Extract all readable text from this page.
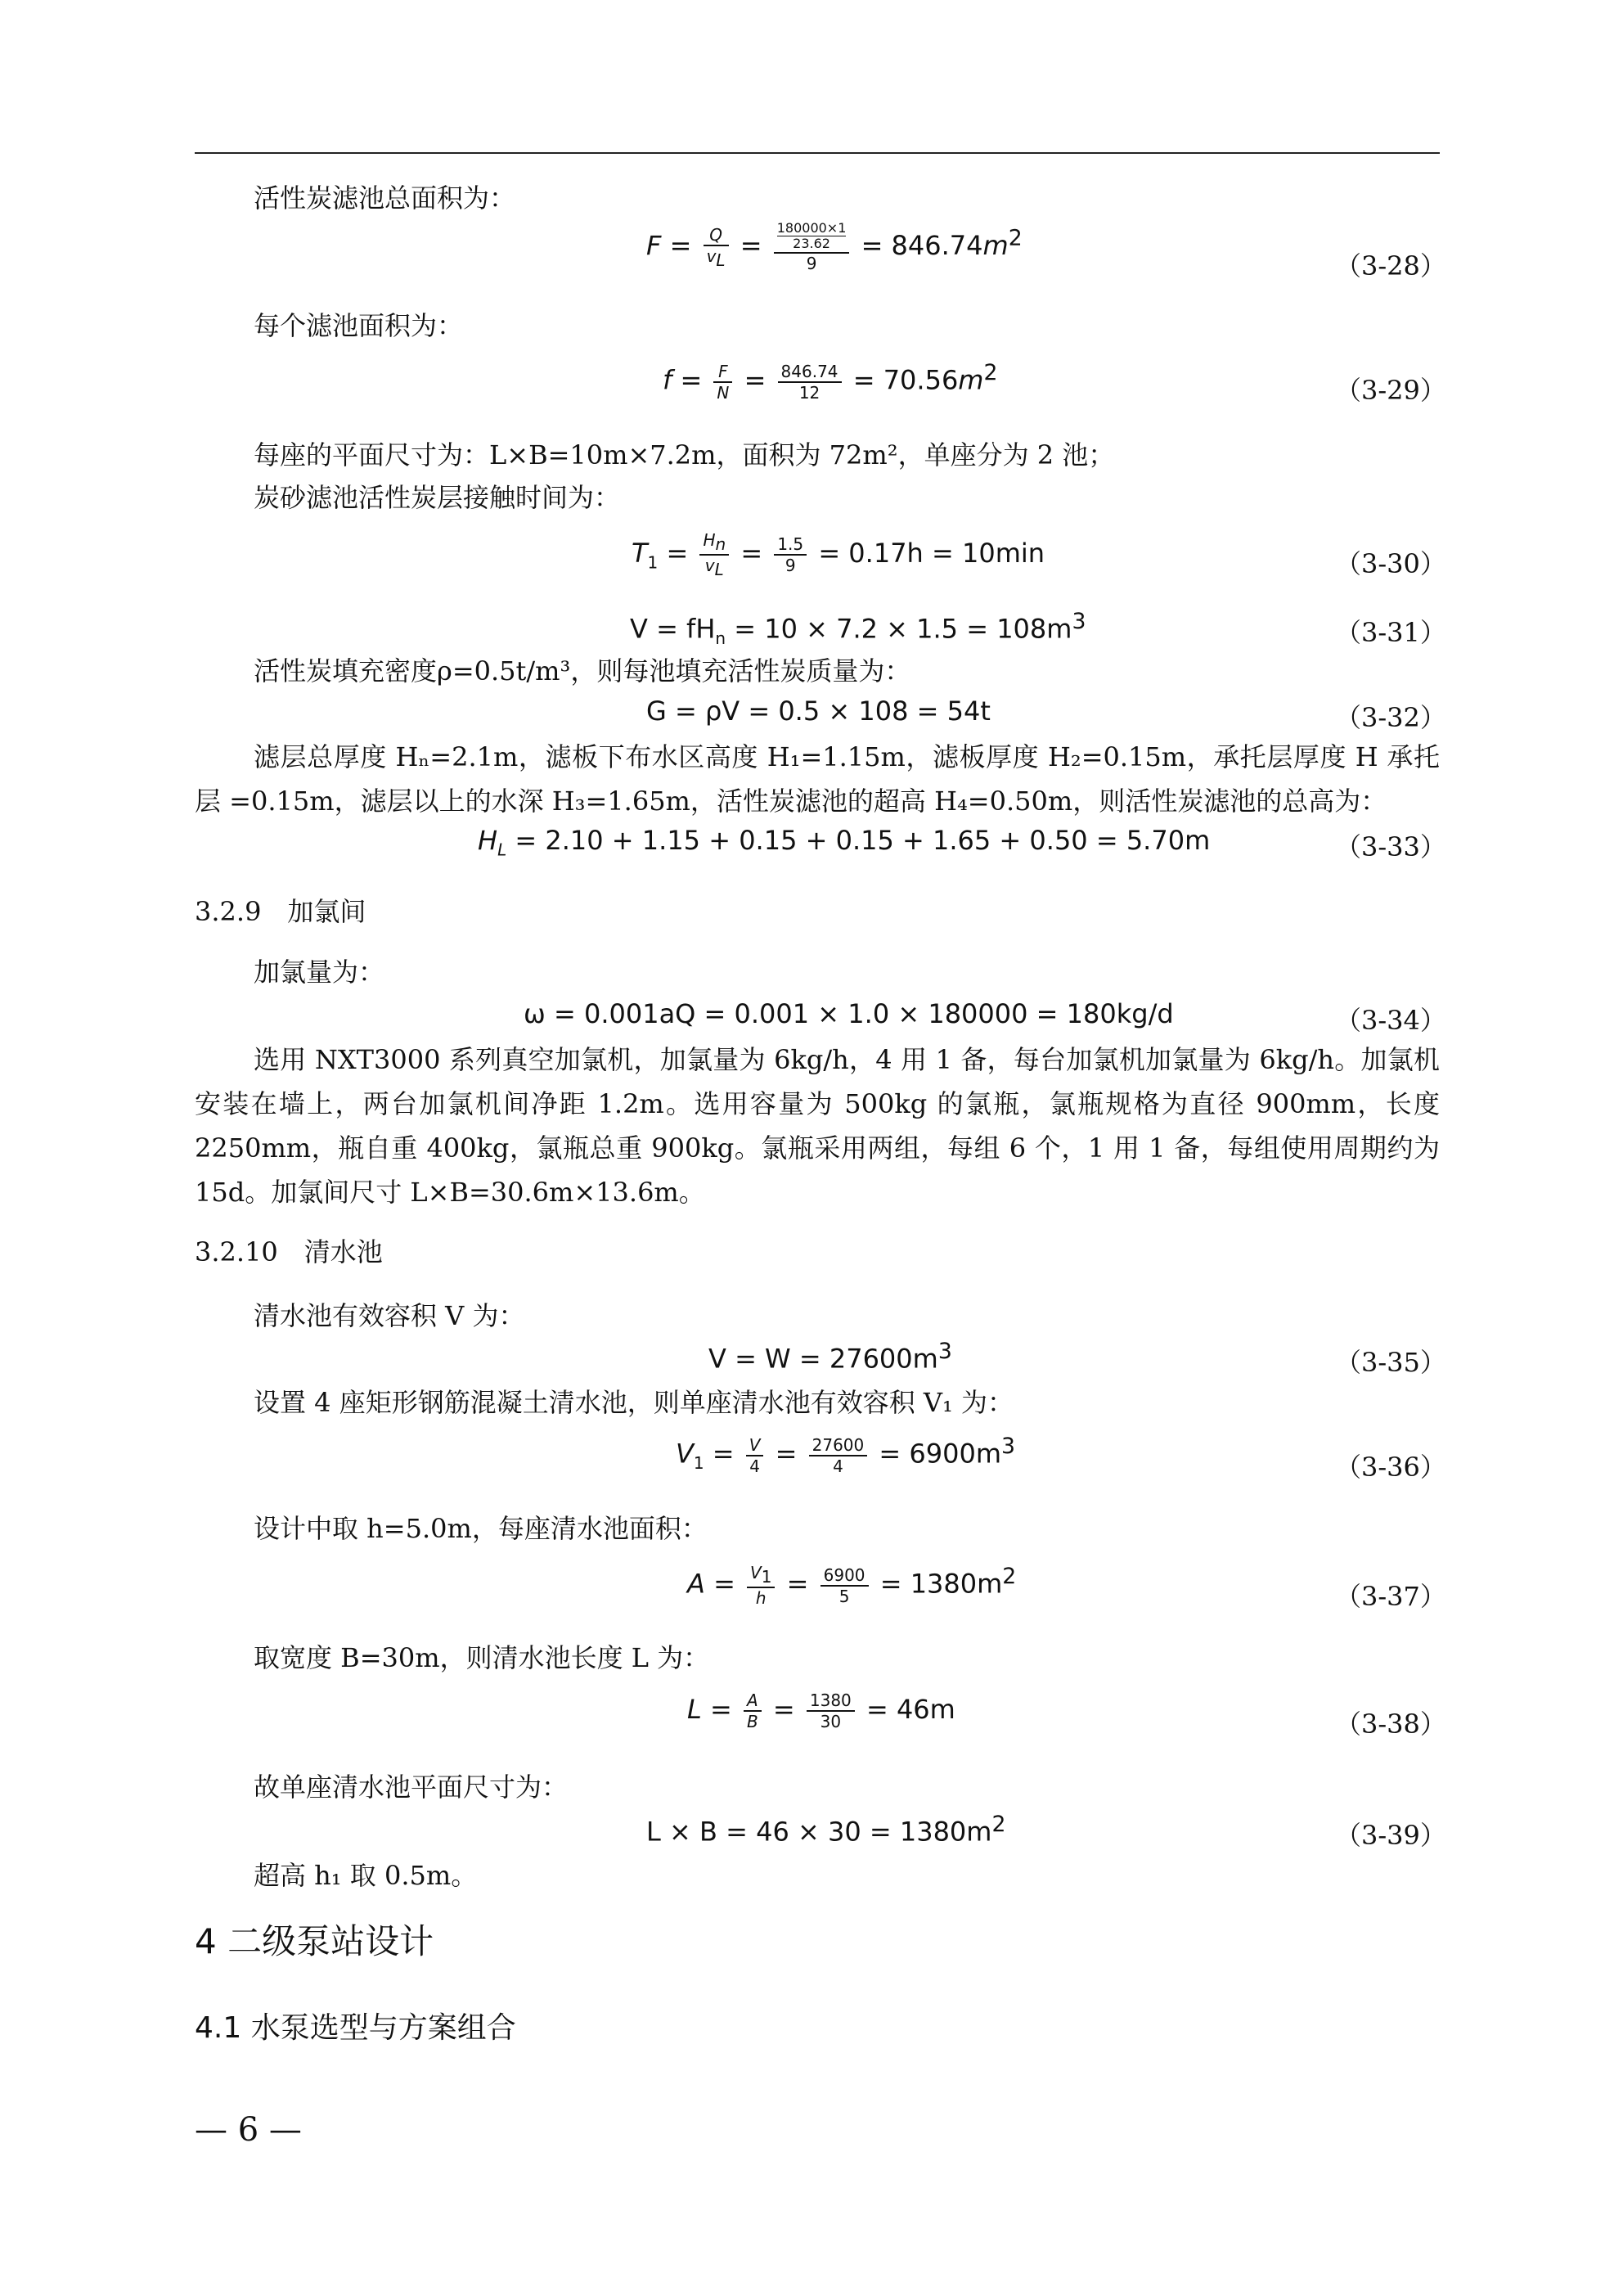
活性炭滤池总面积为：
$F = \frac{Q}{v_L} = \frac{\frac{180000\times 1}{23.62}}{9} = 846.74m^2$
（3-28）
每个滤池面积为：
$f = \frac{F}{N} = \frac{846.74}{12} = 70.56m^2$
（3-29）
每座的平面尺寸为：L×B=10m×7.2m，面积为 72m²，单座分为 2 池；
炭砂滤池活性炭层接触时间为：
$T_1 = \frac{H_n}{v_L} = \frac{1.5}{9} = 0.17h = 10\min$	（3-30）
$V = fH_n = 10 \times 7.2 \times 1.5 = 108m^3$	（3-31）
活性炭填充密度ρ=0.5t/m³，则每池填充活性炭质量为：
G = ρV = 0.5 × 108 = 54t	（3-32）
滤层总厚度 Hₙ=2.1m，滤板下布水区高度 H₁=1.15m，滤板厚度 H₂=0.15m，承托层厚度 H 承托层 =0.15m，滤层以上的水深 H₃=1.65m，活性炭滤池的超高 H₄=0.50m，则活性炭滤池的总高为：
$H_L = 2.10 + 1.15 + 0.15 + 0.15 + 1.65 + 0.50 = 5.70m$	（3-33）
3.2.9　加氯间
加氯量为：
ω = 0.001aQ = 0.001 × 1.0 × 180000 = 180kg/d	（3-34）
选用 NXT3000 系列真空加氯机，加氯量为 6kg/h，4 用 1 备，每台加氯机加氯量为 6kg/h。加氯机安装在墙上，两台加氯机间净距 1.2m。选用容量为 500kg 的氯瓶，氯瓶规格为直径 900mm，长度 2250mm，瓶自重 400kg，氯瓶总重 900kg。氯瓶采用两组，每组 6 个，1 用 1 备，每组使用周期约为 15d。加氯间尺寸 L×B=30.6m×13.6m。
3.2.10　清水池
清水池有效容积 V 为：
$V = W = 27600m^3$	（3-35）
设置 4 座矩形钢筋混凝土清水池，则单座清水池有效容积 V₁ 为：
$V_1 = \frac{V}{4} = \frac{27600}{4} = 6900m^3$
（3-36）
设计中取 h=5.0m，每座清水池面积：
$A = \frac{V_1}{h} = \frac{6900}{5} = 1380m^2$
（3-37）
取宽度 B=30m，则清水池长度 L 为：
$L = \frac{A}{B} = \frac{1380}{30} = 46m$	（3-38）
故单座清水池平面尺寸为：
$L \times B = 46 \times 30 = 1380m^2$	（3-39）
超高 h₁ 取 0.5m。
4 二级泵站设计
4.1 水泵选型与方案组合
— 6 —
